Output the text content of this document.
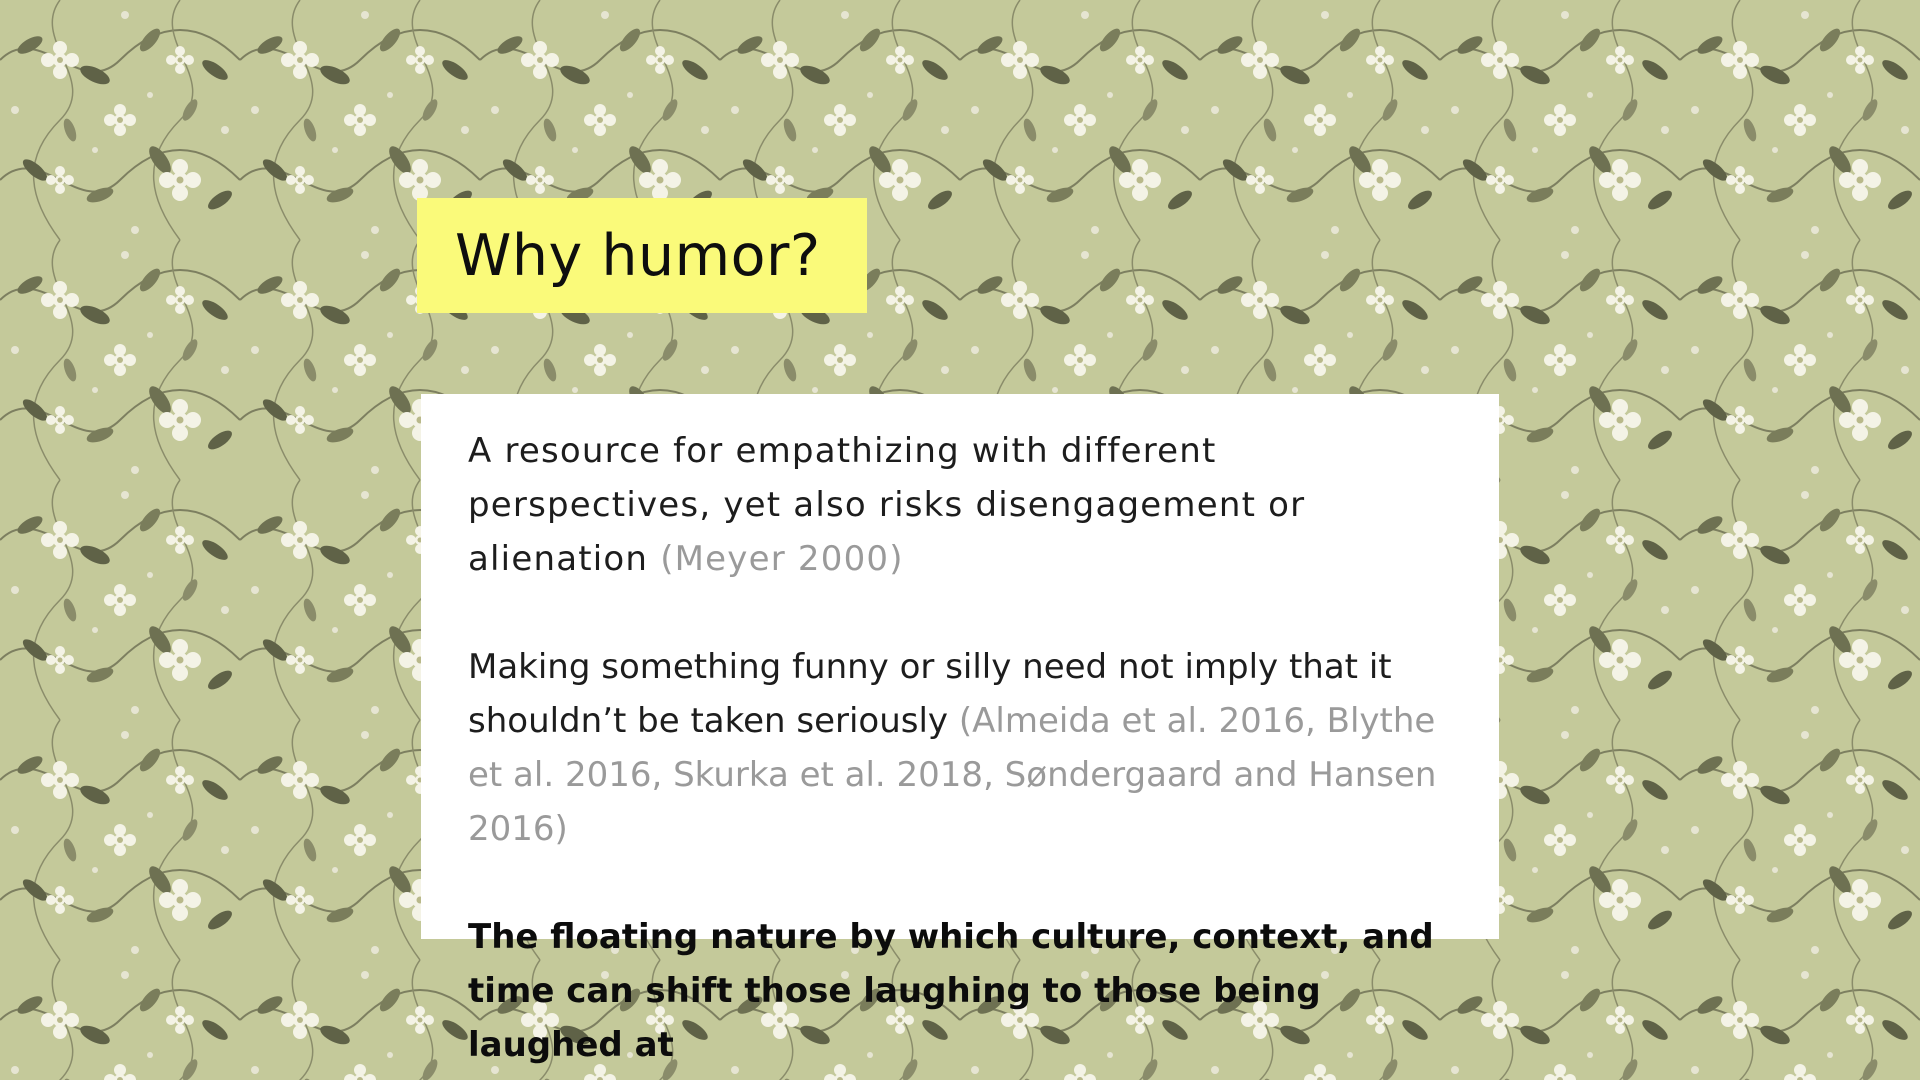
Why humor?

A resource for empathizing with different perspectives, yet also risks disengagement or alienation (Meyer 2000)

Making something funny or silly need not imply that it shouldn’t be taken seriously (Almeida et al. 2016, Blythe et al. 2016, Skurka et al. 2018, Søndergaard and Hansen 2016)

The floating nature by which culture, context, and time can shift those laughing to those being laughed at
